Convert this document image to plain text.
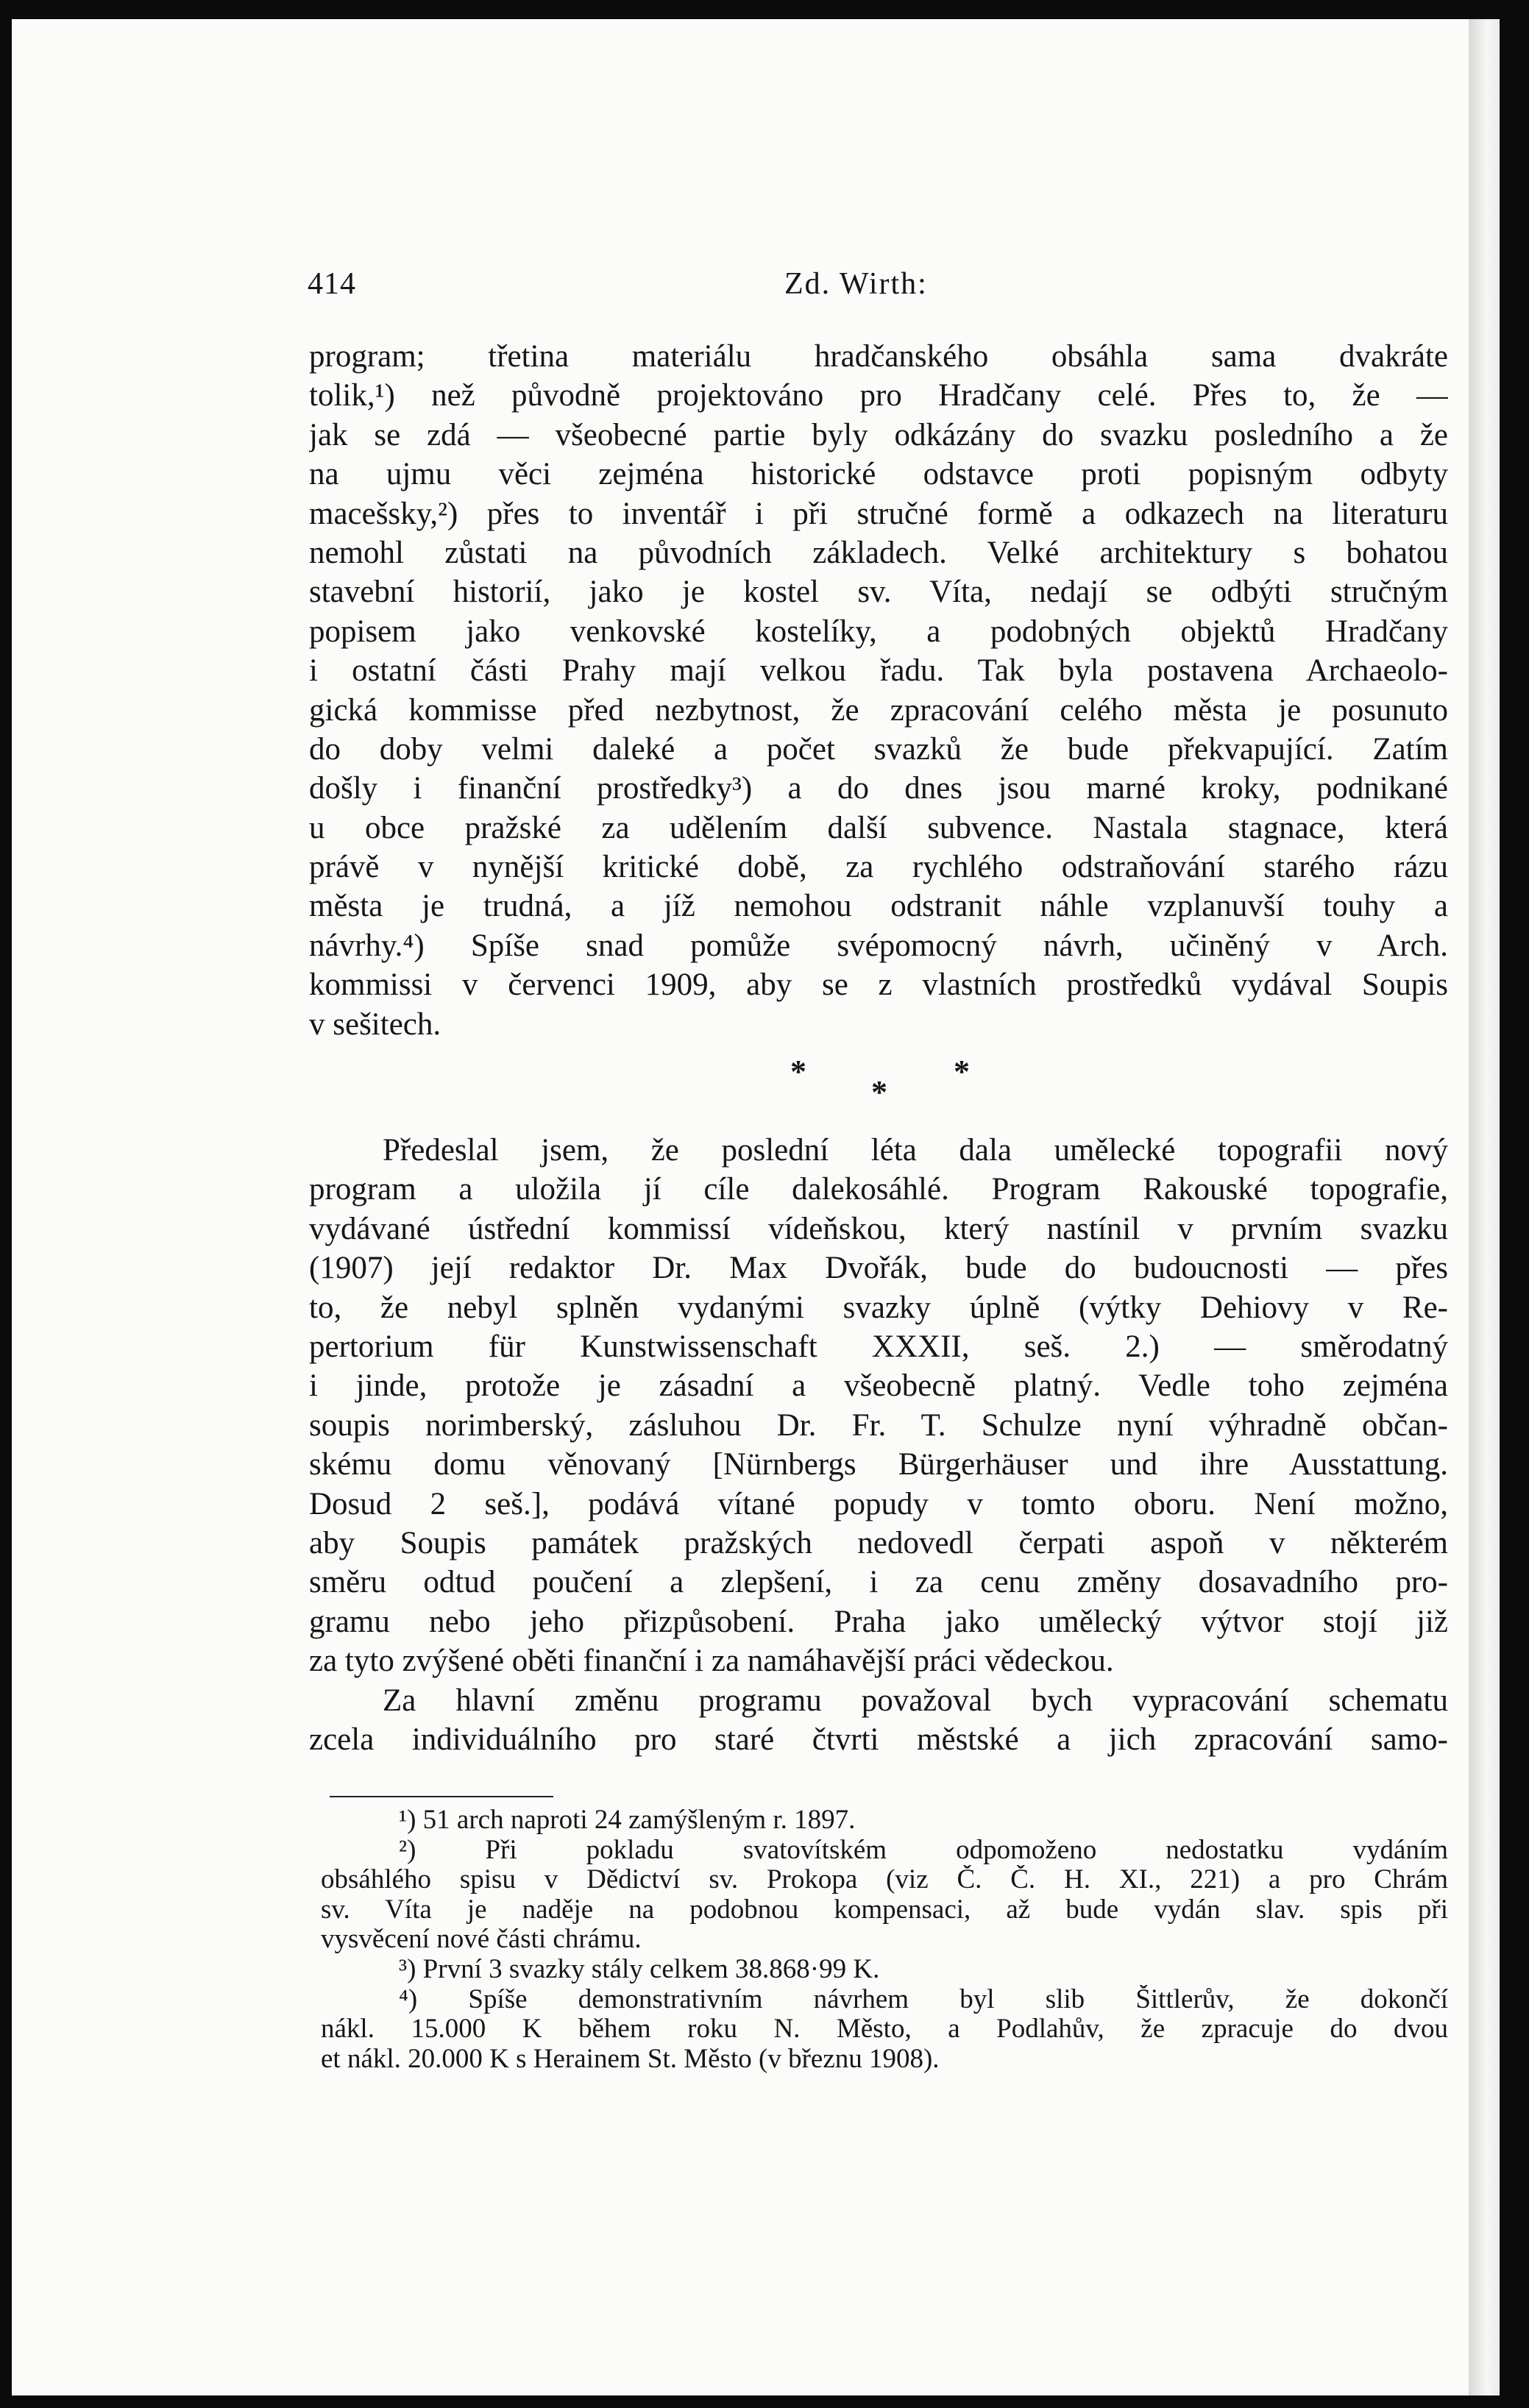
414	Zd. Wirth:
program; třetina materiálu hradčanského obsáhla sama dvakráte
tolik,¹) než původně projektováno pro Hradčany celé. Přes to, že —
jak se zdá — všeobecné partie byly odkázány do svazku posledního a že
na ujmu věci zejména historické odstavce proti popisným odbyty
macešsky,²) přes to inventář i při stručné formě a odkazech na literaturu
nemohl zůstati na původních základech. Velké architektury s bohatou
stavební historií, jako je kostel sv. Víta, nedají se odbýti stručným
popisem jako venkovské kostelíky, a podobných objektů Hradčany
i ostatní části Prahy mají velkou řadu. Tak byla postavena Archaeolo-
gická kommisse před nezbytnost, že zpracování celého města je posunuto
do doby velmi daleké a počet svazků že bude překvapující. Zatím
došly i finanční prostředky³) a do dnes jsou marné kroky, podnikané
u obce pražské za udělením další subvence. Nastala stagnace, která
právě v nynější kritické době, za rychlého odstraňování starého rázu
města je trudná, a jíž nemohou odstranit náhle vzplanuvší touhy a
návrhy.⁴) Spíše snad pomůže svépomocný návrh, učiněný v Arch.
kommissi v červenci 1909, aby se z vlastních prostředků vydával Soupis
v sešitech.
*
*
*
Předeslal jsem, že poslední léta dala umělecké topografii nový
program a uložila jí cíle dalekosáhlé. Program Rakouské topografie,
vydávané ústřední kommissí vídeňskou, který nastínil v prvním svazku
(1907) její redaktor Dr. Max Dvořák, bude do budoucnosti — přes
to, že nebyl splněn vydanými svazky úplně (výtky Dehiovy v Re-
pertorium für Kunstwissenschaft XXXII, seš. 2.) — směrodatný
i jinde, protože je zásadní a všeobecně platný. Vedle toho zejména
soupis norimberský, zásluhou Dr. Fr. T. Schulze nyní výhradně občan-
skému domu věnovaný [Nürnbergs Bürgerhäuser und ihre Ausstattung.
Dosud 2 seš.], podává vítané popudy v tomto oboru. Není možno,
aby Soupis památek pražských nedovedl čerpati aspoň v některém
směru odtud poučení a zlepšení, i za cenu změny dosavadního pro-
gramu nebo jeho přizpůsobení. Praha jako umělecký výtvor stojí již
za tyto zvýšené oběti finanční i za namáhavější práci vědeckou.
Za hlavní změnu programu považoval bych vypracování schematu
zcela individuálního pro staré čtvrti městské a jich zpracování samo-
¹) 51 arch naproti 24 zamýšleným r. 1897.
²) Při pokladu svatovítském odpomoženo nedostatku vydáním
obsáhlého spisu v Dědictví sv. Prokopa (viz Č. Č. H. XI., 221) a pro Chrám
sv. Víta je naděje na podobnou kompensaci, až bude vydán slav. spis při
vysvěcení nové části chrámu.
³) První 3 svazky stály celkem 38.868·99 K.
⁴) Spíše demonstrativním návrhem byl slib Šittlerův, že dokončí
nákl. 15.000 K během roku N. Město, a Podlahův, že zpracuje do dvou
et nákl. 20.000 K s Herainem St. Město (v březnu 1908).
